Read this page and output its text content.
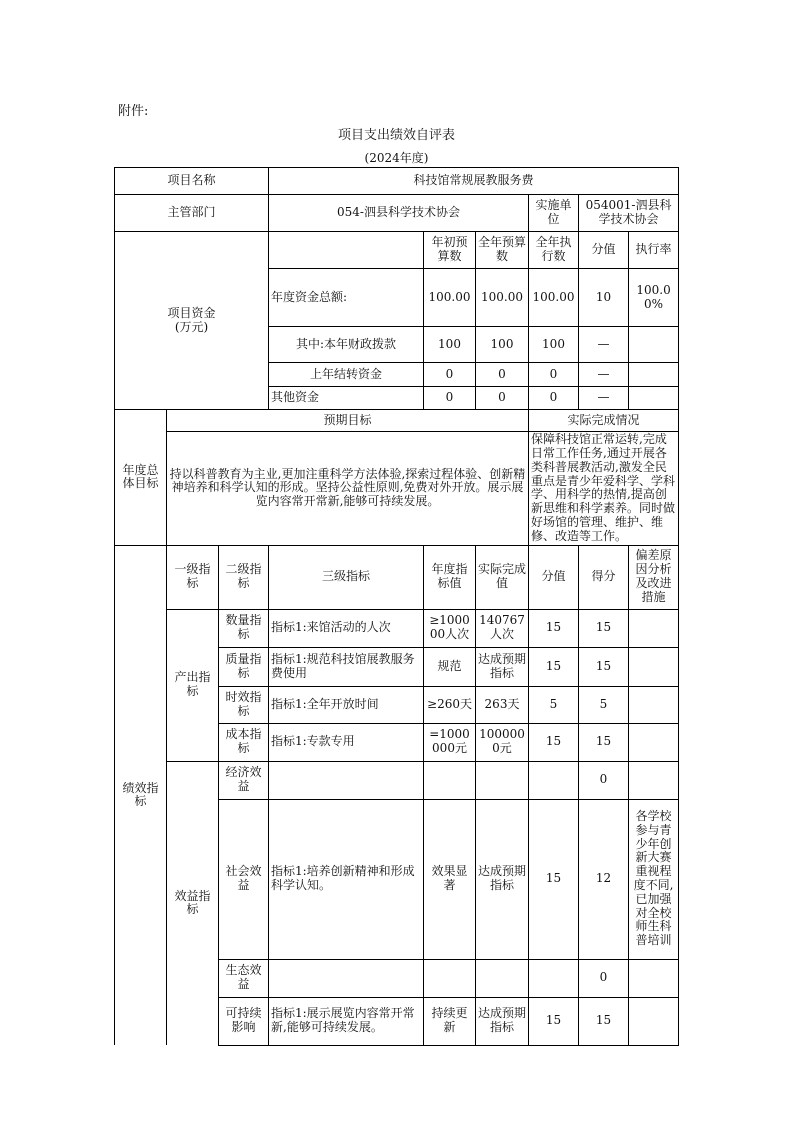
附件:
项目支出绩效自评表
(2024年度)
项目名称			科技馆常规展教服务费						
主管部门			054-泗县科学技术协会			实施单位	054001-泗县科学技术协会		
项目资金
(万元)				年初预算数	全年预算数	全年执行数	分值	执行率	
			年度资金总额:	100.00	100.00	100.00	10	100.00%	
			其中:本年财政拨款	100	100	100	—		
			上年结转资金	0	0	0	—		
			其他资金	0	0	0	—		
年度总体目标	预期目标					实际完成情况			
	持以科普教育为主业,更加注重科学方法体验,探索过程体验、创新精神培养和科学认知的形成。坚持公益性原则,免费对外开放。展示展览内容常开常新,能够可持续发展。					保障科技馆正常运转,完成日常工作任务,通过开展各类科普展教活动,激发全民重点是青少年爱科学、学科学、用科学的热情,提高创新思维和科学素养。同时做好场馆的管理、维护、维修、改造等工作。			
绩效指标	一级指标	二级指标	三级指标	年度指标值	实际完成值	分值	得分	偏差原因分析及改进措施	
	产出指标	数量指标	指标1:来馆活动的人次	≥100000人次	140767人次	15	15		
		质量指标	指标1:规范科技馆展教服务费使用	规范	达成预期指标	15	15		
		时效指标	指标1:全年开放时间	≥260天	263天	5	5		
		成本指标	指标1:专款专用	=1000000元	1000000元	15	15		
	效益指标	经济效益					0		
		社会效益	指标1:培养创新精神和形成科学认知。	效果显著	达成预期指标	15	12	各学校参与青少年创新大赛重视程度不同,已加强对全校师生科普培训	
		生态效益					0		
		可持续影响	指标1:展示展览内容常开常新,能够可持续发展。	持续更新	达成预期指标	15	15		
